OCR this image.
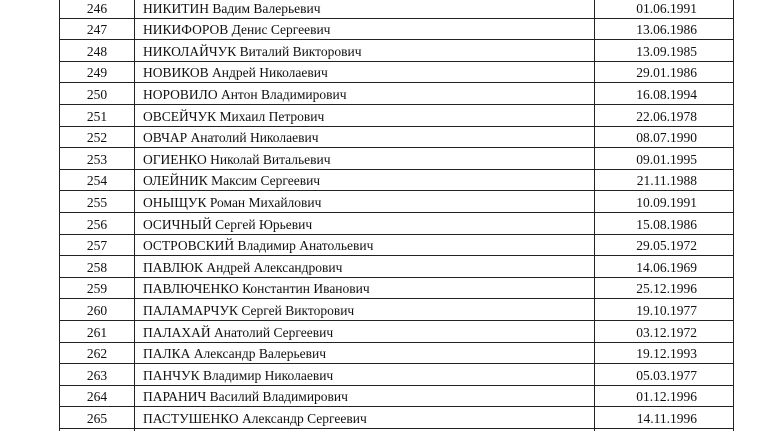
246	НИКИТИН Вадим Валерьевич	01.06.1991
247	НИКИФОРОВ Денис Сергеевич	13.06.1986
248	НИКОЛАЙЧУК Виталий Викторович	13.09.1985
249	НОВИКОВ Андрей Николаевич	29.01.1986
250	НОРОВИЛО Антон Владимирович	16.08.1994
251	ОВСЕЙЧУК Михаил Петрович	22.06.1978
252	ОВЧАР Анатолий Николаевич	08.07.1990
253	ОГИЕНКО Николай Витальевич	09.01.1995
254	ОЛЕЙНИК Максим Сергеевич	21.11.1988
255	ОНЫЩУК Роман Михайлович	10.09.1991
256	ОСИЧНЫЙ Сергей Юрьевич	15.08.1986
257	ОСТРОВСКИЙ Владимир Анатольевич	29.05.1972
258	ПАВЛЮК Андрей Александрович	14.06.1969
259	ПАВЛЮЧЕНКО Константин Иванович	25.12.1996
260	ПАЛАМАРЧУК Сергей Викторович	19.10.1977
261	ПАЛАХАЙ Анатолий Сергеевич	03.12.1972
262	ПАЛКА Александр Валерьевич	19.12.1993
263	ПАНЧУК Владимир Николаевич	05.03.1977
264	ПАРАНИЧ Василий Владимирович	01.12.1996
265	ПАСТУШЕНКО Александр Сергеевич	14.11.1996
